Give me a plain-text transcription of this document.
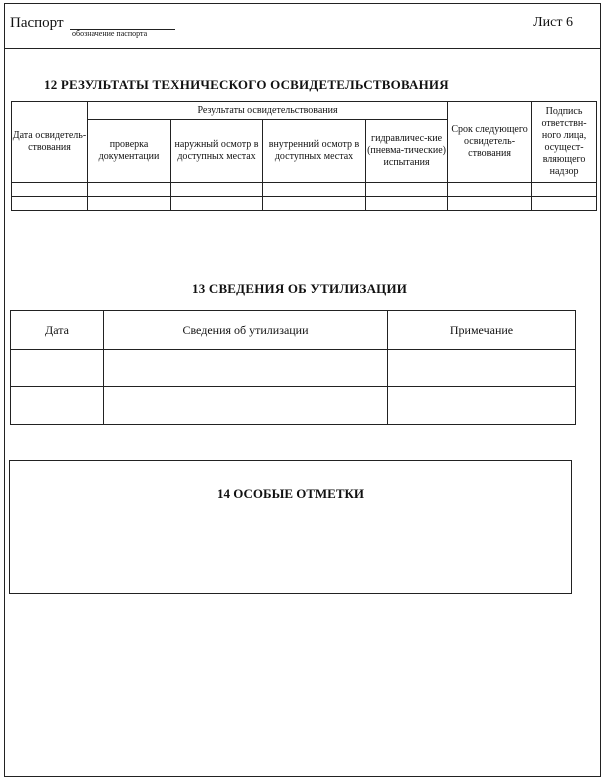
Паспорт
обозначение паспорта
Лист 6
12 РЕЗУЛЬТАТЫ ТЕХНИЧЕСКОГО ОСВИДЕТЕЛЬСТВОВАНИЯ
Дата освидетель-ствования	Результаты освидетельствования				Срок следующего освидетель-ствования	Подпись ответствн-ного лица, осущест-вляющего надзор
	проверка документации	наружный осмотр в доступных местах	внутренний осмотр в доступных местах	гидравличес-кие (пневма-тические) испытания		

13 СВЕДЕНИЯ ОБ УТИЛИЗАЦИИ
Дата	Сведения об утилизации	Примечание

14 ОСОБЫЕ ОТМЕТКИ
